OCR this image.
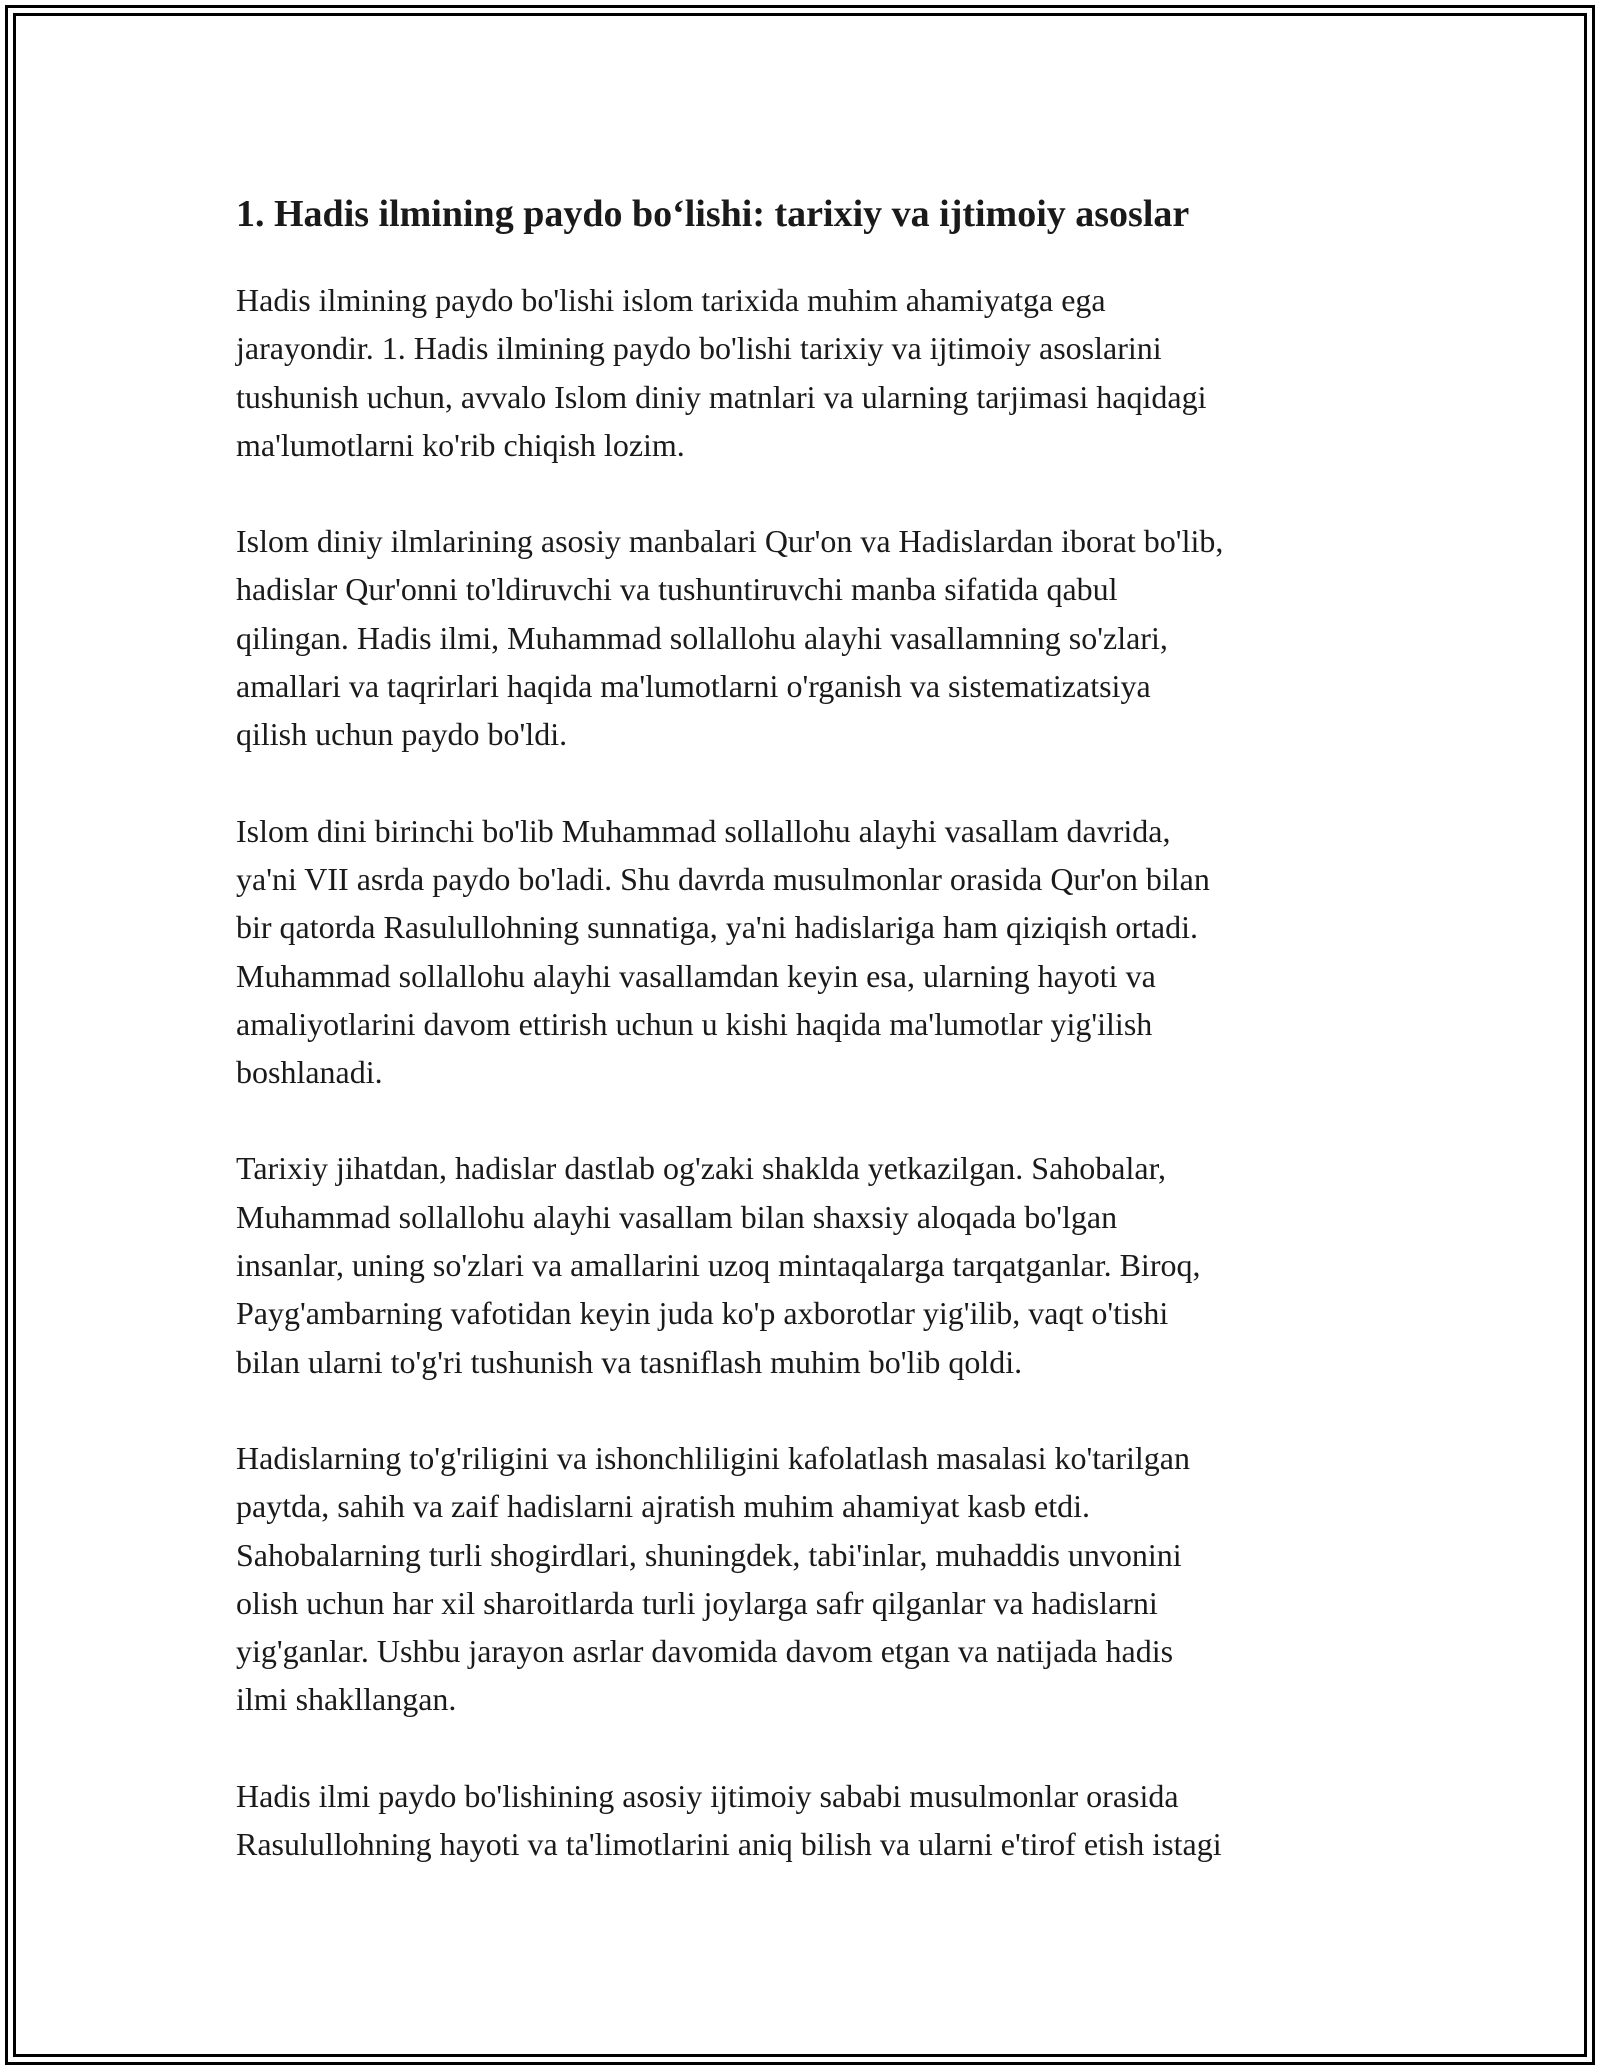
1. Hadis ilmining paydo bo‘lishi: tarixiy va ijtimoiy asoslar

Hadis ilmining paydo bo'lishi islom tarixida muhim ahamiyatga ega
jarayondir. 1. Hadis ilmining paydo bo'lishi tarixiy va ijtimoiy asoslarini
tushunish uchun, avvalo Islom diniy matnlari va ularning tarjimasi haqidagi
ma'lumotlarni ko'rib chiqish lozim.

Islom diniy ilmlarining asosiy manbalari Qur'on va Hadislardan iborat bo'lib,
hadislar Qur'onni to'ldiruvchi va tushuntiruvchi manba sifatida qabul
qilingan. Hadis ilmi, Muhammad sollallohu alayhi vasallamning so'zlari,
amallari va taqrirlari haqida ma'lumotlarni o'rganish va sistematizatsiya
qilish uchun paydo bo'ldi.

Islom dini birinchi bo'lib Muhammad sollallohu alayhi vasallam davrida,
ya'ni VII asrda paydo bo'ladi. Shu davrda musulmonlar orasida Qur'on bilan
bir qatorda Rasulullohning sunnatiga, ya'ni hadislariga ham qiziqish ortadi.
Muhammad sollallohu alayhi vasallamdan keyin esa, ularning hayoti va
amaliyotlarini davom ettirish uchun u kishi haqida ma'lumotlar yig'ilish
boshlanadi.

Tarixiy jihatdan, hadislar dastlab og'zaki shaklda yetkazilgan. Sahobalar,
Muhammad sollallohu alayhi vasallam bilan shaxsiy aloqada bo'lgan
insanlar, uning so'zlari va amallarini uzoq mintaqalarga tarqatganlar. Biroq,
Payg'ambarning vafotidan keyin juda ko'p axborotlar yig'ilib, vaqt o'tishi
bilan ularni to'g'ri tushunish va tasniflash muhim bo'lib qoldi.

Hadislarning to'g'riligini va ishonchliligini kafolatlash masalasi ko'tarilgan
paytda, sahih va zaif hadislarni ajratish muhim ahamiyat kasb etdi.
Sahobalarning turli shogirdlari, shuningdek, tabi'inlar, muhaddis unvonini
olish uchun har xil sharoitlarda turli joylarga safr qilganlar va hadislarni
yig'ganlar. Ushbu jarayon asrlar davomida davom etgan va natijada hadis
ilmi shakllangan.

Hadis ilmi paydo bo'lishining asosiy ijtimoiy sababi musulmonlar orasida
Rasulullohning hayoti va ta'limotlarini aniq bilish va ularni e'tirof etish istagi
